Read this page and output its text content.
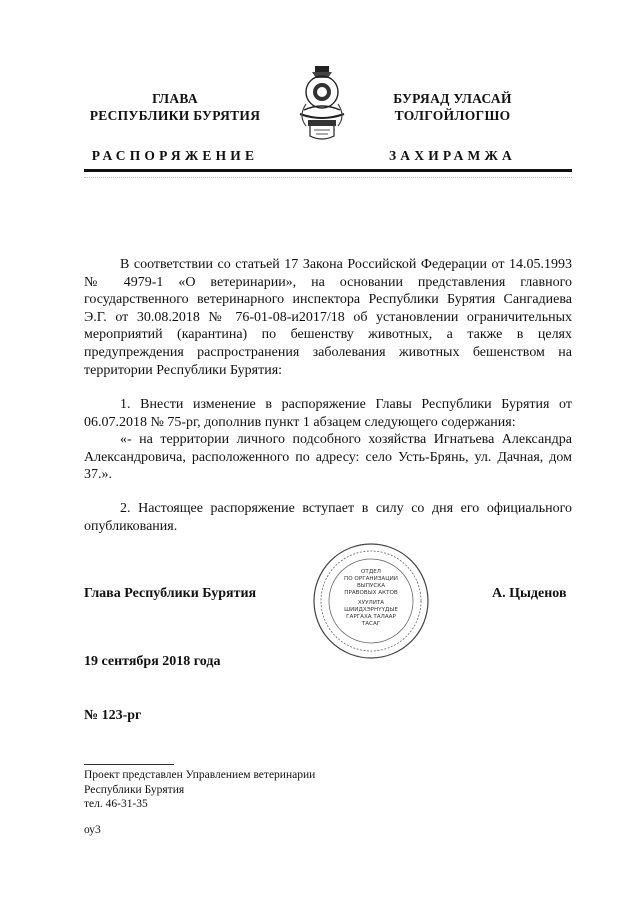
ГЛАВА
РЕСПУБЛИКИ БУРЯТИЯ
РАСПОРЯЖЕНИЕ
БУРЯАД УЛАСАЙ
ТОЛГОЙЛОГШО
ЗАХИРАМЖА

В соответствии со статьей 17 Закона Российской Федерации от 14.05.1993 № 4979-1 «О ветеринарии», на основании представления главного государственного ветеринарного инспектора Республики Бурятия Сангадиева Э.Г. от 30.08.2018 № 76-01-08-и2017/18 об установлении ограничительных мероприятий (карантина) по бешенству животных, а также в целях предупреждения распространения заболевания животных бешенством на территории Республики Бурятия:

1. Внести изменение в распоряжение Главы Республики Бурятия от 06.07.2018 № 75-рг, дополнив пункт 1 абзацем следующего содержания:

«- на территории личного подсобного хозяйства Игнатьева Александра Александровича, расположенного по адресу: село Усть-Брянь, ул. Дачная, дом 37.».

2. Настоящее распоряжение вступает в силу со дня его официального опубликования.

Глава Республики Бурятия
ОТДЕЛ
ПО ОРГАНИЗАЦИИ
ВЫПУСКА
ПРАВОВЫХ АКТОВ
ХУУЛИТА
ШИИДХЭРНҮҮДЫЕ
ГАРГАХА ТАЛААР
ТАСАГ
А. Цыденов
19 сентября 2018 года
№ 123-рг
Проект представлен Управлением ветеринарии
Республики Бурятия
тел. 46-31-35
оу3
